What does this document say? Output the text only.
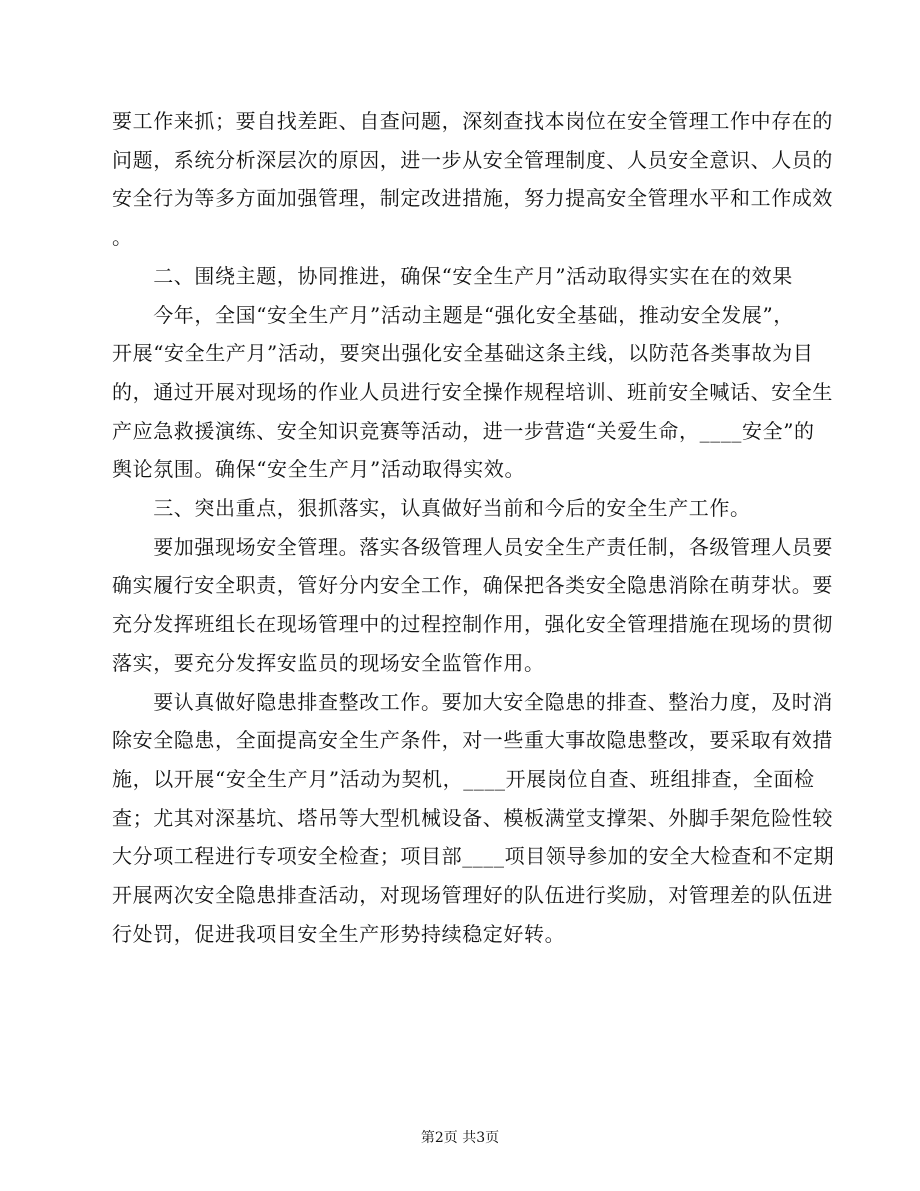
要工作来抓；要自找差距、自查问题，深刻查找本岗位在安全管理工作中存在的
问题，系统分析深层次的原因，进一步从安全管理制度、人员安全意识、人员的
安全行为等多方面加强管理，制定改进措施，努力提高安全管理水平和工作成效
。
　　二、围绕主题，协同推进，确保“安全生产月”活动取得实实在在的效果
　　今年，全国“安全生产月”活动主题是“强化安全基础，推动安全发展”，
开展“安全生产月”活动，要突出强化安全基础这条主线，以防范各类事故为目
的，通过开展对现场的作业人员进行安全操作规程培训、班前安全喊话、安全生
产应急救援演练、安全知识竞赛等活动，进一步营造“关爱生命，____安全”的
舆论氛围。确保“安全生产月”活动取得实效。
　　三、突出重点，狠抓落实，认真做好当前和今后的安全生产工作。
　　要加强现场安全管理。落实各级管理人员安全生产责任制，各级管理人员要
确实履行安全职责，管好分内安全工作，确保把各类安全隐患消除在萌芽状。要
充分发挥班组长在现场管理中的过程控制作用，强化安全管理措施在现场的贯彻
落实，要充分发挥安监员的现场安全监管作用。
　　要认真做好隐患排查整改工作。要加大安全隐患的排查、整治力度，及时消
除安全隐患，全面提高安全生产条件，对一些重大事故隐患整改，要采取有效措
施，以开展“安全生产月”活动为契机，____开展岗位自查、班组排查，全面检
查；尤其对深基坑、塔吊等大型机械设备、模板满堂支撑架、外脚手架危险性较
大分项工程进行专项安全检查；项目部____项目领导参加的安全大检查和不定期
开展两次安全隐患排查活动，对现场管理好的队伍进行奖励，对管理差的队伍进
行处罚，促进我项目安全生产形势持续稳定好转。
第2页 共3页
